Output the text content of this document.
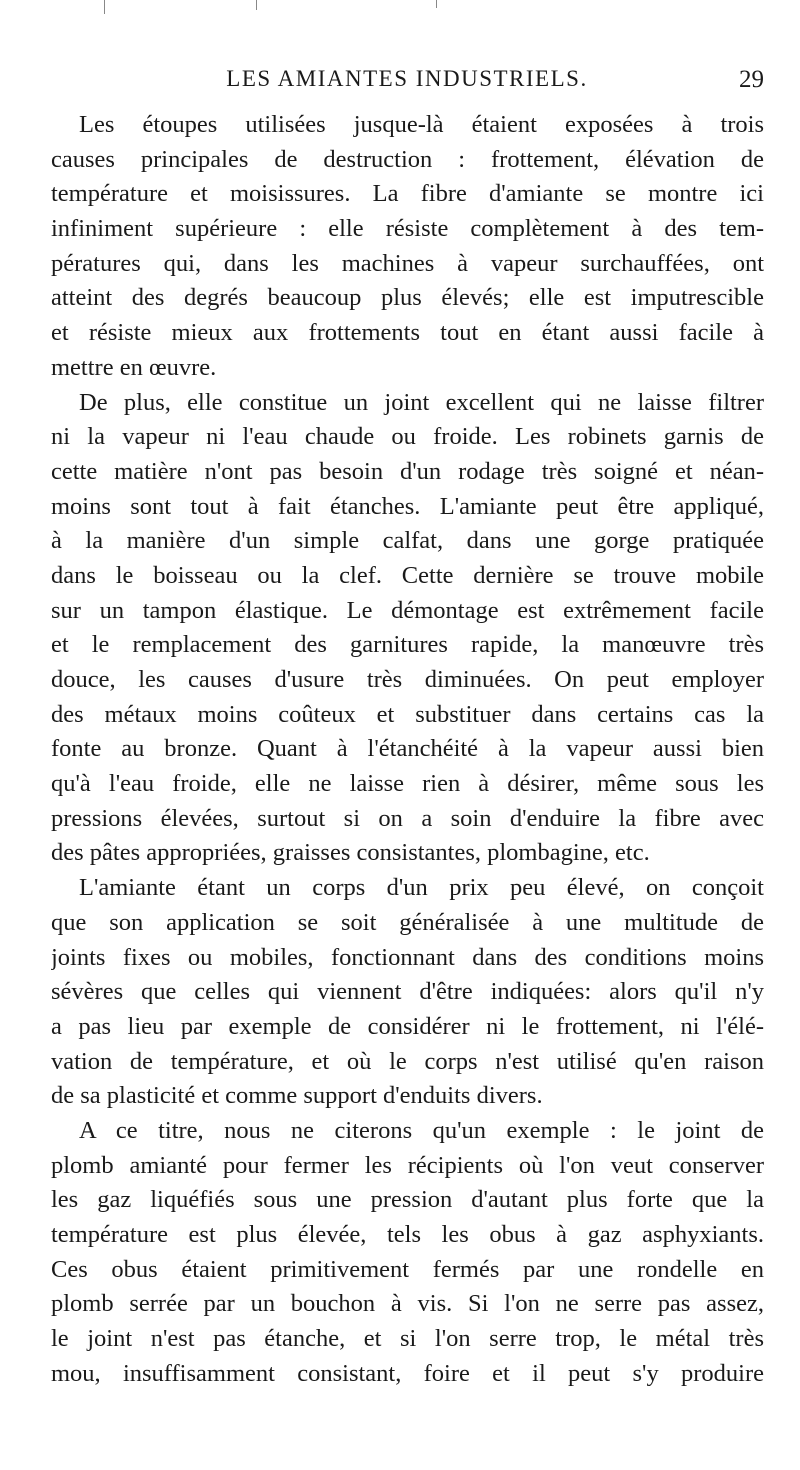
LES AMIANTES INDUSTRIELS.	29
Les étoupes utilisées jusque-là étaient exposées à trois
causes principales de destruction : frottement, élévation de
température et moisissures. La fibre d'amiante se montre ici
infiniment supérieure : elle résiste complètement à des tem-
pératures qui, dans les machines à vapeur surchauffées, ont
atteint des degrés beaucoup plus élevés; elle est imputrescible
et résiste mieux aux frottements tout en étant aussi facile à
mettre en œuvre.
De plus, elle constitue un joint excellent qui ne laisse filtrer
ni la vapeur ni l'eau chaude ou froide. Les robinets garnis de
cette matière n'ont pas besoin d'un rodage très soigné et néan-
moins sont tout à fait étanches. L'amiante peut être appliqué,
à la manière d'un simple calfat, dans une gorge pratiquée
dans le boisseau ou la clef. Cette dernière se trouve mobile
sur un tampon élastique. Le démontage est extrêmement facile
et le remplacement des garnitures rapide, la manœuvre très
douce, les causes d'usure très diminuées. On peut employer
des métaux moins coûteux et substituer dans certains cas la
fonte au bronze. Quant à l'étanchéité à la vapeur aussi bien
qu'à l'eau froide, elle ne laisse rien à désirer, même sous les
pressions élevées, surtout si on a soin d'enduire la fibre avec
des pâtes appropriées, graisses consistantes, plombagine, etc.
L'amiante étant un corps d'un prix peu élevé, on conçoit
que son application se soit généralisée à une multitude de
joints fixes ou mobiles, fonctionnant dans des conditions moins
sévères que celles qui viennent d'être indiquées: alors qu'il n'y
a pas lieu par exemple de considérer ni le frottement, ni l'élé-
vation de température, et où le corps n'est utilisé qu'en raison
de sa plasticité et comme support d'enduits divers.
A ce titre, nous ne citerons qu'un exemple : le joint de
plomb amianté pour fermer les récipients où l'on veut conserver
les gaz liquéfiés sous une pression d'autant plus forte que la
température est plus élevée, tels les obus à gaz asphyxiants.
Ces obus étaient primitivement fermés par une rondelle en
plomb serrée par un bouchon à vis. Si l'on ne serre pas assez,
le joint n'est pas étanche, et si l'on serre trop, le métal très
mou, insuffisamment consistant, foire et il peut s'y produire
